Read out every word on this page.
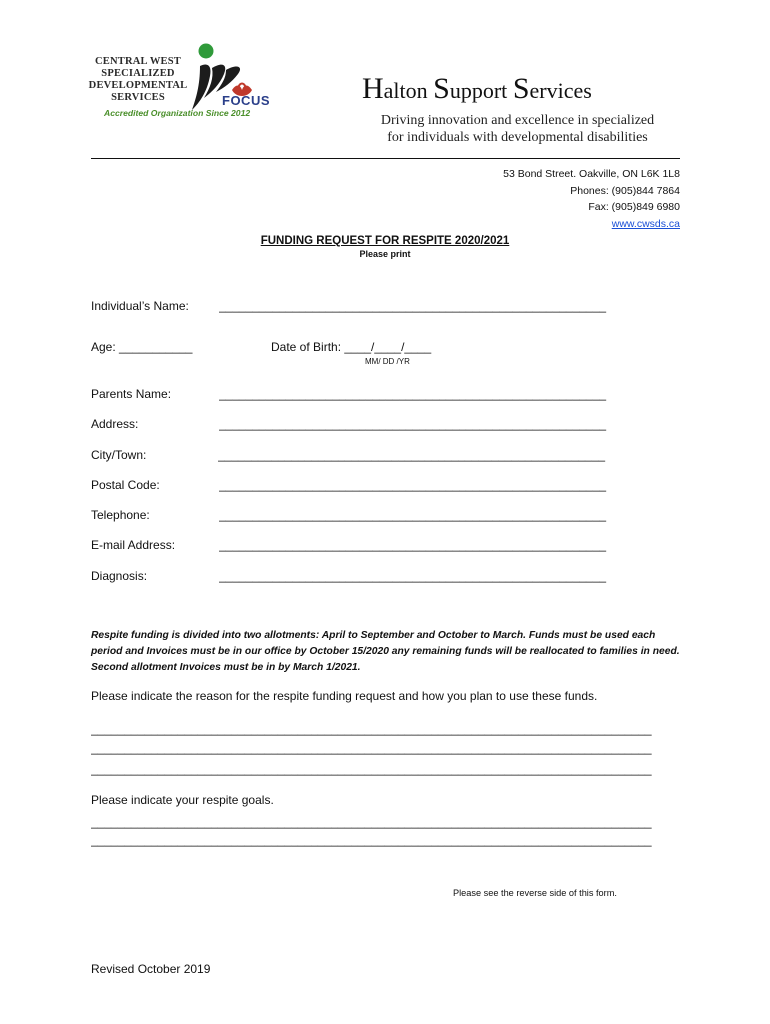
CENTRAL WEST
SPECIALIZED
DEVELOPMENTAL
SERVICES	FOCUS
Accredited Organization Since 2012
Halton Support Services
Driving innovation and excellence in specialized
for individuals with developmental disabilities
53 Bond Street. Oakville, ON L6K 1L8
Phones: (905)844 7864
Fax: (905)849 6980
www.cwsds.ca
FUNDING REQUEST FOR RESPITE 2020/2021
Please print
Individual’s Name:	__________________________________________________________
Age: ___________	Date of Birth: ____/____/____
MM/ DD /YR
Parents Name:	__________________________________________________________
Address:	__________________________________________________________
City/Town:	__________________________________________________________
Postal Code:	__________________________________________________________
Telephone:	__________________________________________________________
E-mail Address:	__________________________________________________________
Diagnosis:	__________________________________________________________
Respite funding is divided into two allotments: April to September and October to March. Funds must be used each period and Invoices must be in our office by October 15/2020 any remaining funds will be reallocated to families in need. Second allotment Invoices must be in by March 1/2021.
Please indicate the reason for the respite funding request and how you plan to use these funds.
____________________________________________________________________________________
____________________________________________________________________________________
____________________________________________________________________________________
Please indicate your respite goals.
____________________________________________________________________________________
____________________________________________________________________________________
Please see the reverse side of this form.
Revised October 2019
